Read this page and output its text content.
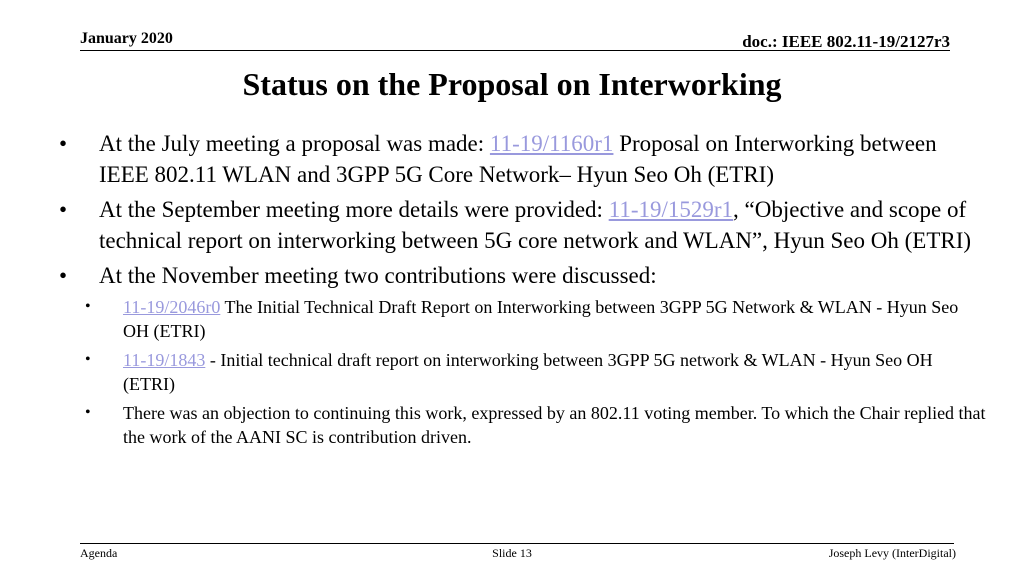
January 2020	doc.: IEEE 802.11-19/2127r3
Status on the Proposal on Interworking
• At the July meeting a proposal was made: 11-19/1160r1 Proposal on Interworking between IEEE 802.11 WLAN and 3GPP 5G Core Network– Hyun Seo Oh (ETRI)
• At the September meeting more details were provided: 11-19/1529r1, “Objective and scope of technical report on interworking between 5G core network and WLAN”, Hyun Seo Oh (ETRI)
• At the November meeting two contributions were discussed:
• 11-19/2046r0 The Initial Technical Draft Report on Interworking between 3GPP 5G Network & WLAN - Hyun Seo OH (ETRI)
• 11-19/1843 - Initial technical draft report on interworking between 3GPP 5G network & WLAN - Hyun Seo OH (ETRI)
• There was an objection to continuing this work, expressed by an 802.11 voting member. To which the Chair replied that the work of the AANI SC is contribution driven.
Agenda	Slide 13	Joseph Levy (InterDigital)
